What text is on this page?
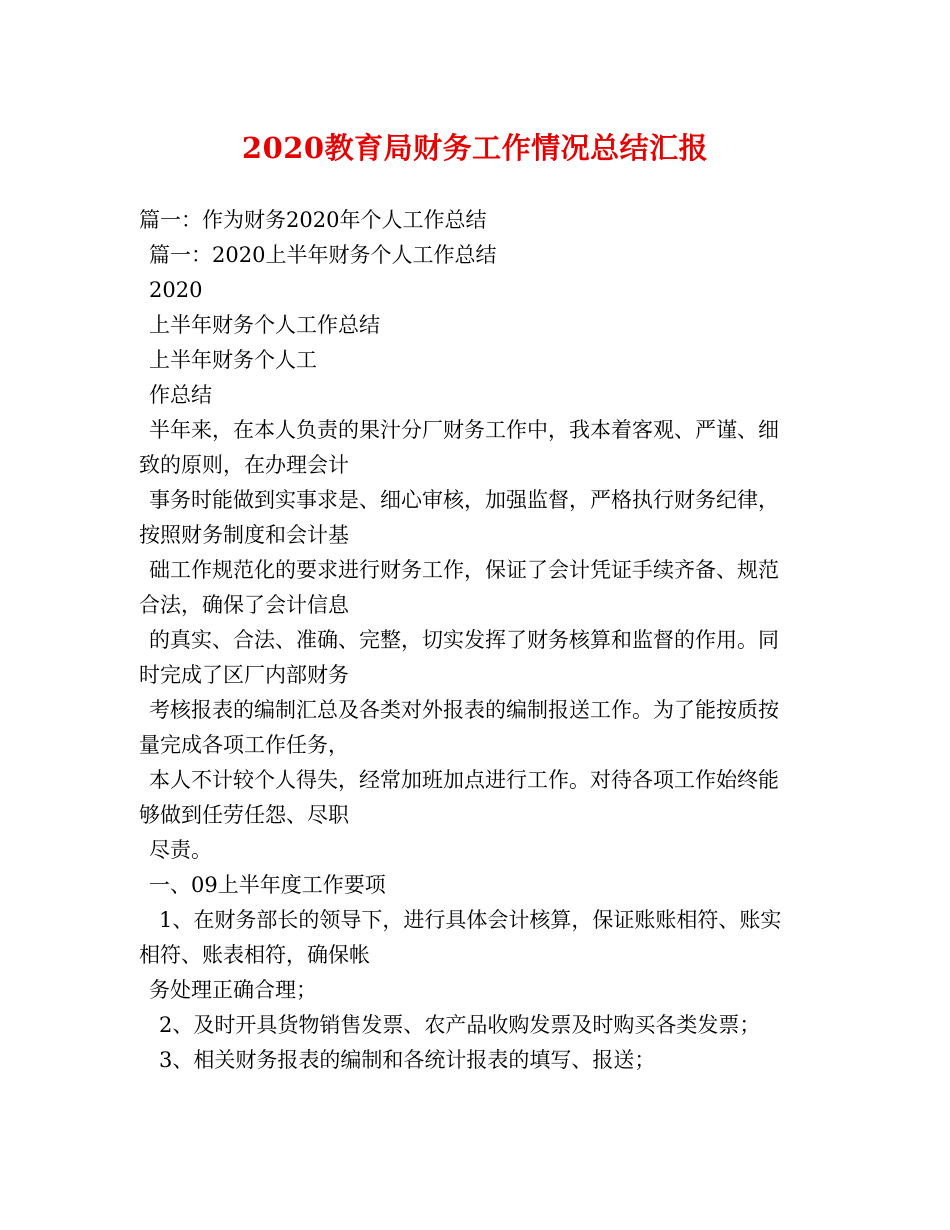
2020教育局财务工作情况总结汇报
篇一：作为财务2020年个人工作总结
篇一：2020上半年财务个人工作总结
2020
上半年财务个人工作总结
上半年财务个人工
作总结
半年来，在本人负责的果汁分厂财务工作中，我本着客观、严谨、细
致的原则，在办理会计
事务时能做到实事求是、细心审核，加强监督，严格执行财务纪律，
按照财务制度和会计基
础工作规范化的要求进行财务工作，保证了会计凭证手续齐备、规范
合法，确保了会计信息
的真实、合法、准确、完整，切实发挥了财务核算和监督的作用。同
时完成了区厂内部财务
考核报表的编制汇总及各类对外报表的编制报送工作。为了能按质按
量完成各项工作任务，
本人不计较个人得失，经常加班加点进行工作。对待各项工作始终能
够做到任劳任怨、尽职
尽责。
一、09上半年度工作要项
1、在财务部长的领导下，进行具体会计核算，保证账账相符、账实
相符、账表相符，确保帐
务处理正确合理；
2、及时开具货物销售发票、农产品收购发票及时购买各类发票；
3、相关财务报表的编制和各统计报表的填写、报送；
